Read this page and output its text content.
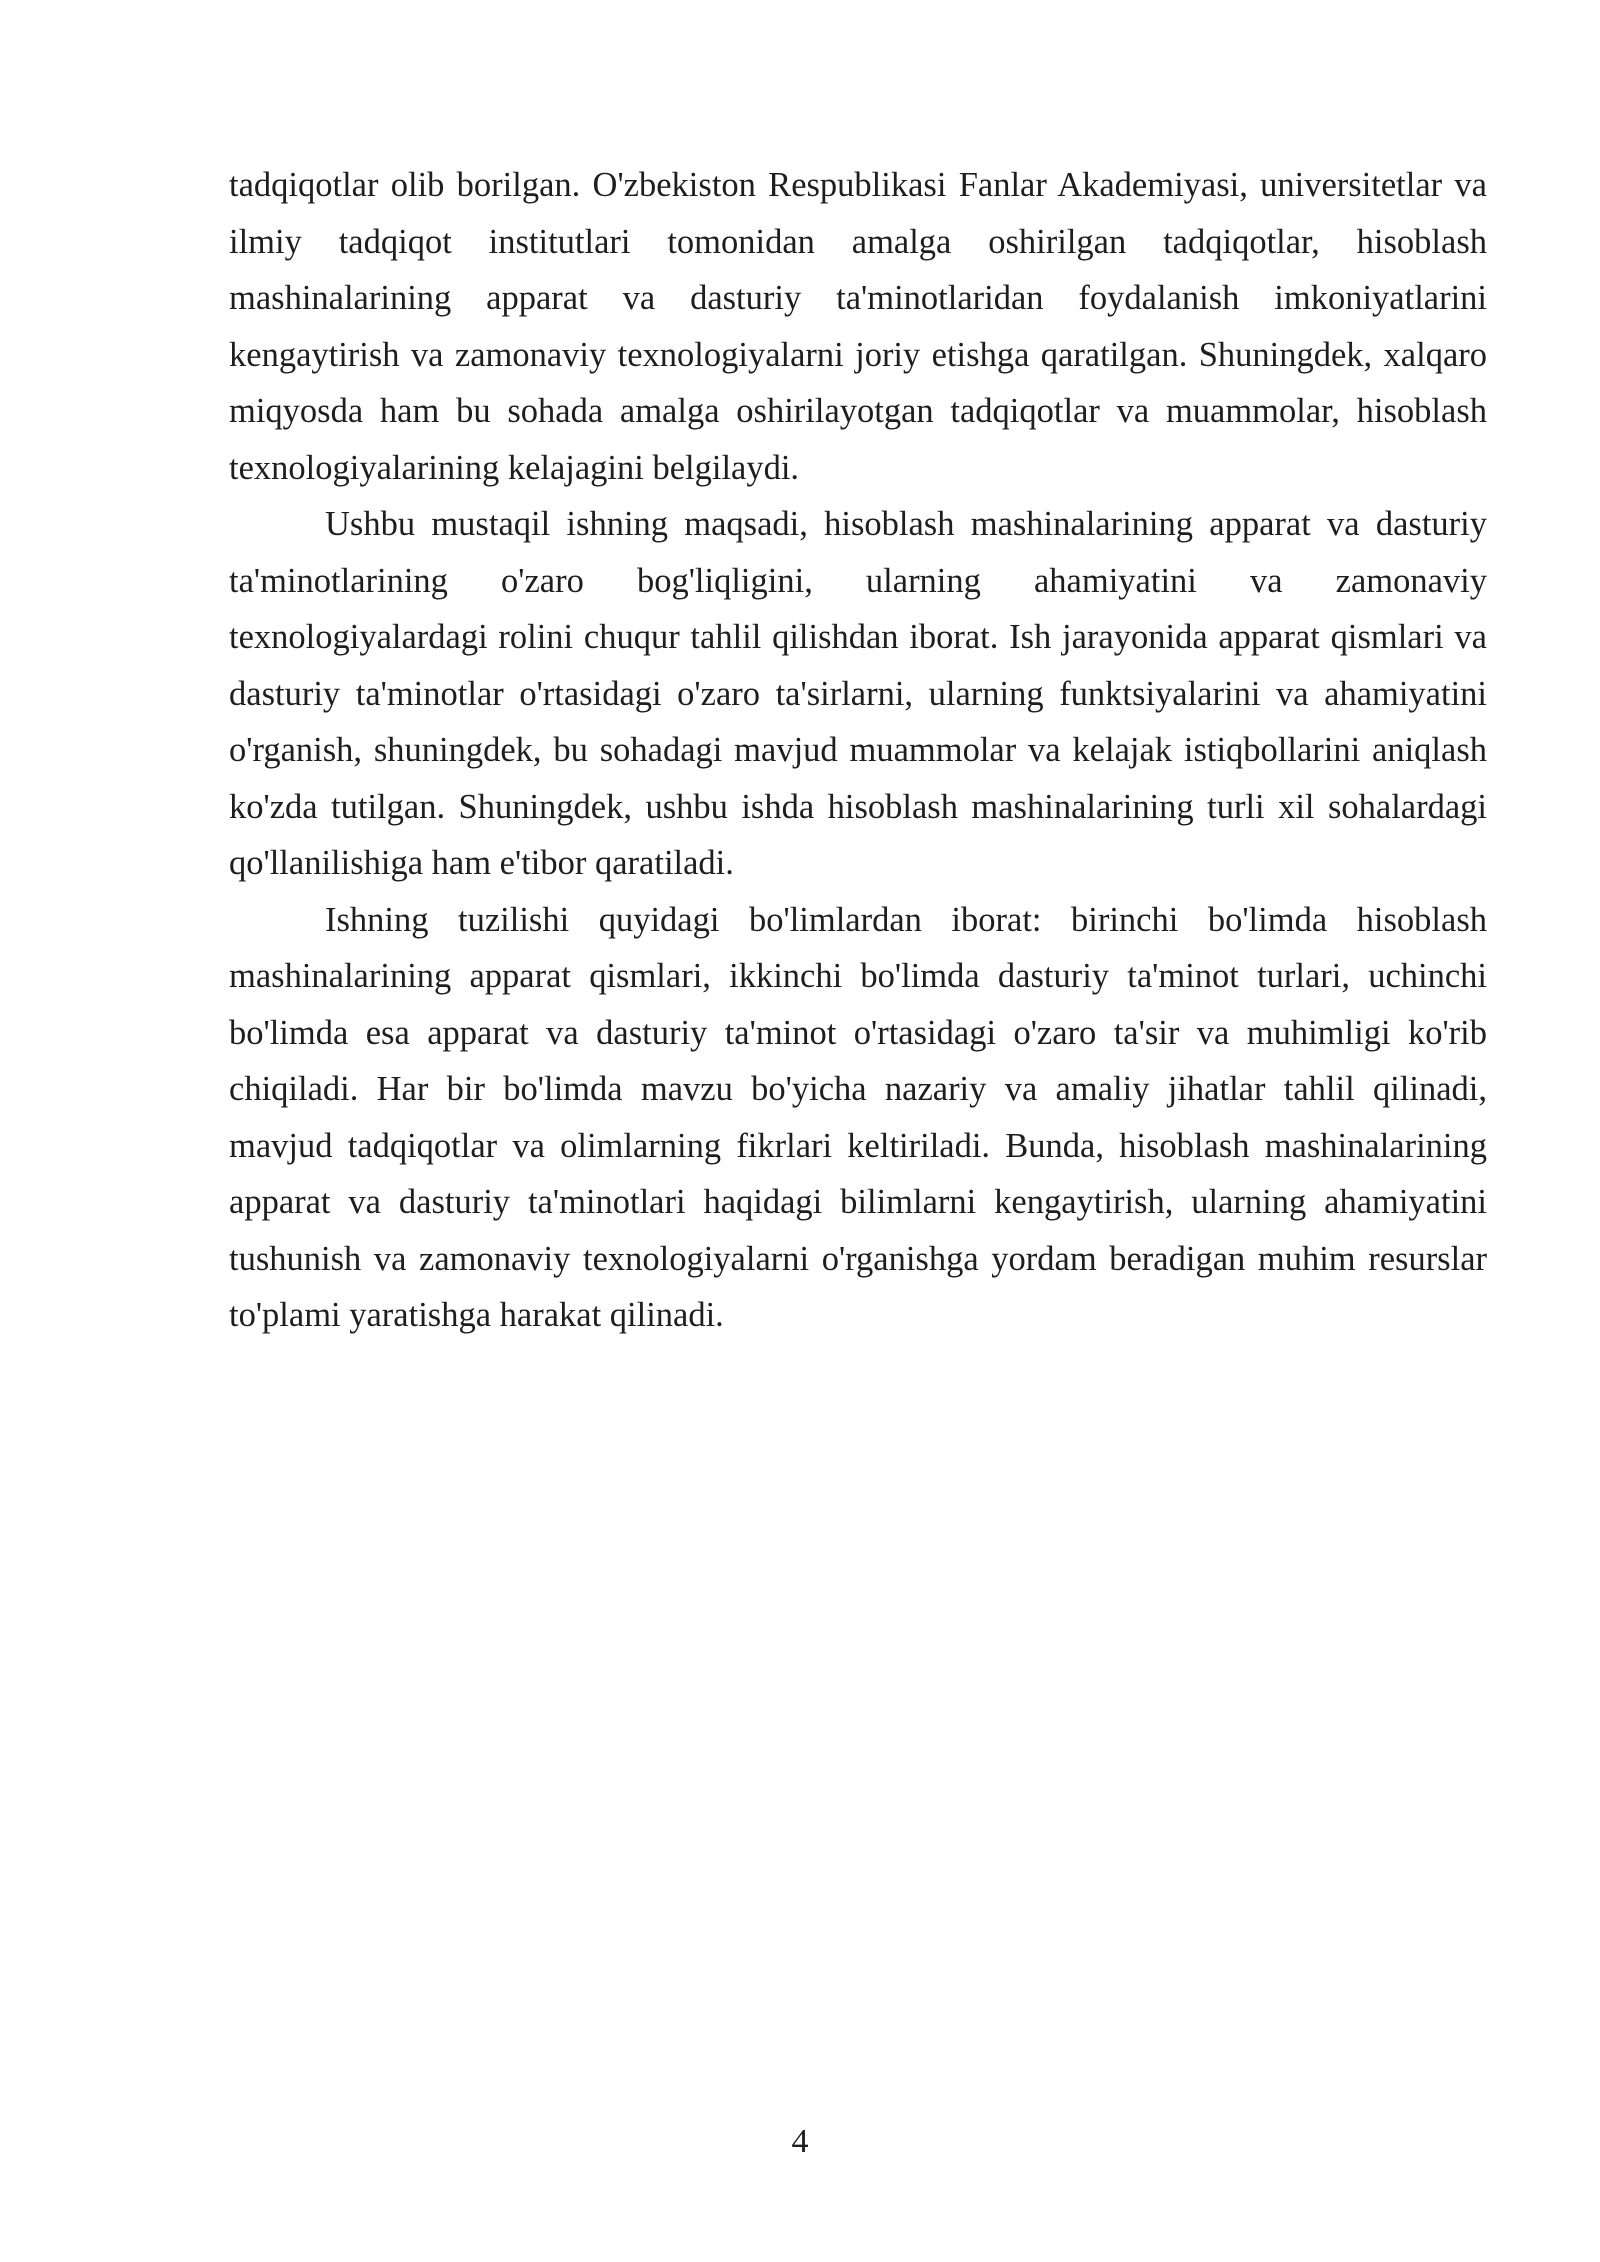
tadqiqotlar olib borilgan. O'zbekiston Respublikasi Fanlar Akademiyasi, universitetlar va ilmiy tadqiqot institutlari tomonidan amalga oshirilgan tadqiqotlar, hisoblash mashinalarining apparat va dasturiy ta'minotlaridan foydalanish imkoniyatlarini kengaytirish va zamonaviy texnologiyalarni joriy etishga qaratilgan. Shuningdek, xalqaro miqyosda ham bu sohada amalga oshirilayotgan tadqiqotlar va muammolar, hisoblash texnologiyalarining kelajagini belgilaydi.

Ushbu mustaqil ishning maqsadi, hisoblash mashinalarining apparat va dasturiy ta'minotlarining o'zaro bog'liqligini, ularning ahamiyatini va zamonaviy texnologiyalardagi rolini chuqur tahlil qilishdan iborat. Ish jarayonida apparat qismlari va dasturiy ta'minotlar o'rtasidagi o'zaro ta'sirlarni, ularning funktsiyalarini va ahamiyatini o'rganish, shuningdek, bu sohadagi mavjud muammolar va kelajak istiqbollarini aniqlash ko'zda tutilgan. Shuningdek, ushbu ishda hisoblash mashinalarining turli xil sohalardagi qo'llanilishiga ham e'tibor qaratiladi.

Ishning tuzilishi quyidagi bo'limlardan iborat: birinchi bo'limda hisoblash mashinalarining apparat qismlari, ikkinchi bo'limda dasturiy ta'minot turlari, uchinchi bo'limda esa apparat va dasturiy ta'minot o'rtasidagi o'zaro ta'sir va muhimligi ko'rib chiqiladi. Har bir bo'limda mavzu bo'yicha nazariy va amaliy jihatlar tahlil qilinadi, mavjud tadqiqotlar va olimlarning fikrlari keltiriladi. Bunda, hisoblash mashinalarining apparat va dasturiy ta'minotlari haqidagi bilimlarni kengaytirish, ularning ahamiyatini tushunish va zamonaviy texnologiyalarni o'rganishga yordam beradigan muhim resurslar to'plami yaratishga harakat qilinadi.

4
